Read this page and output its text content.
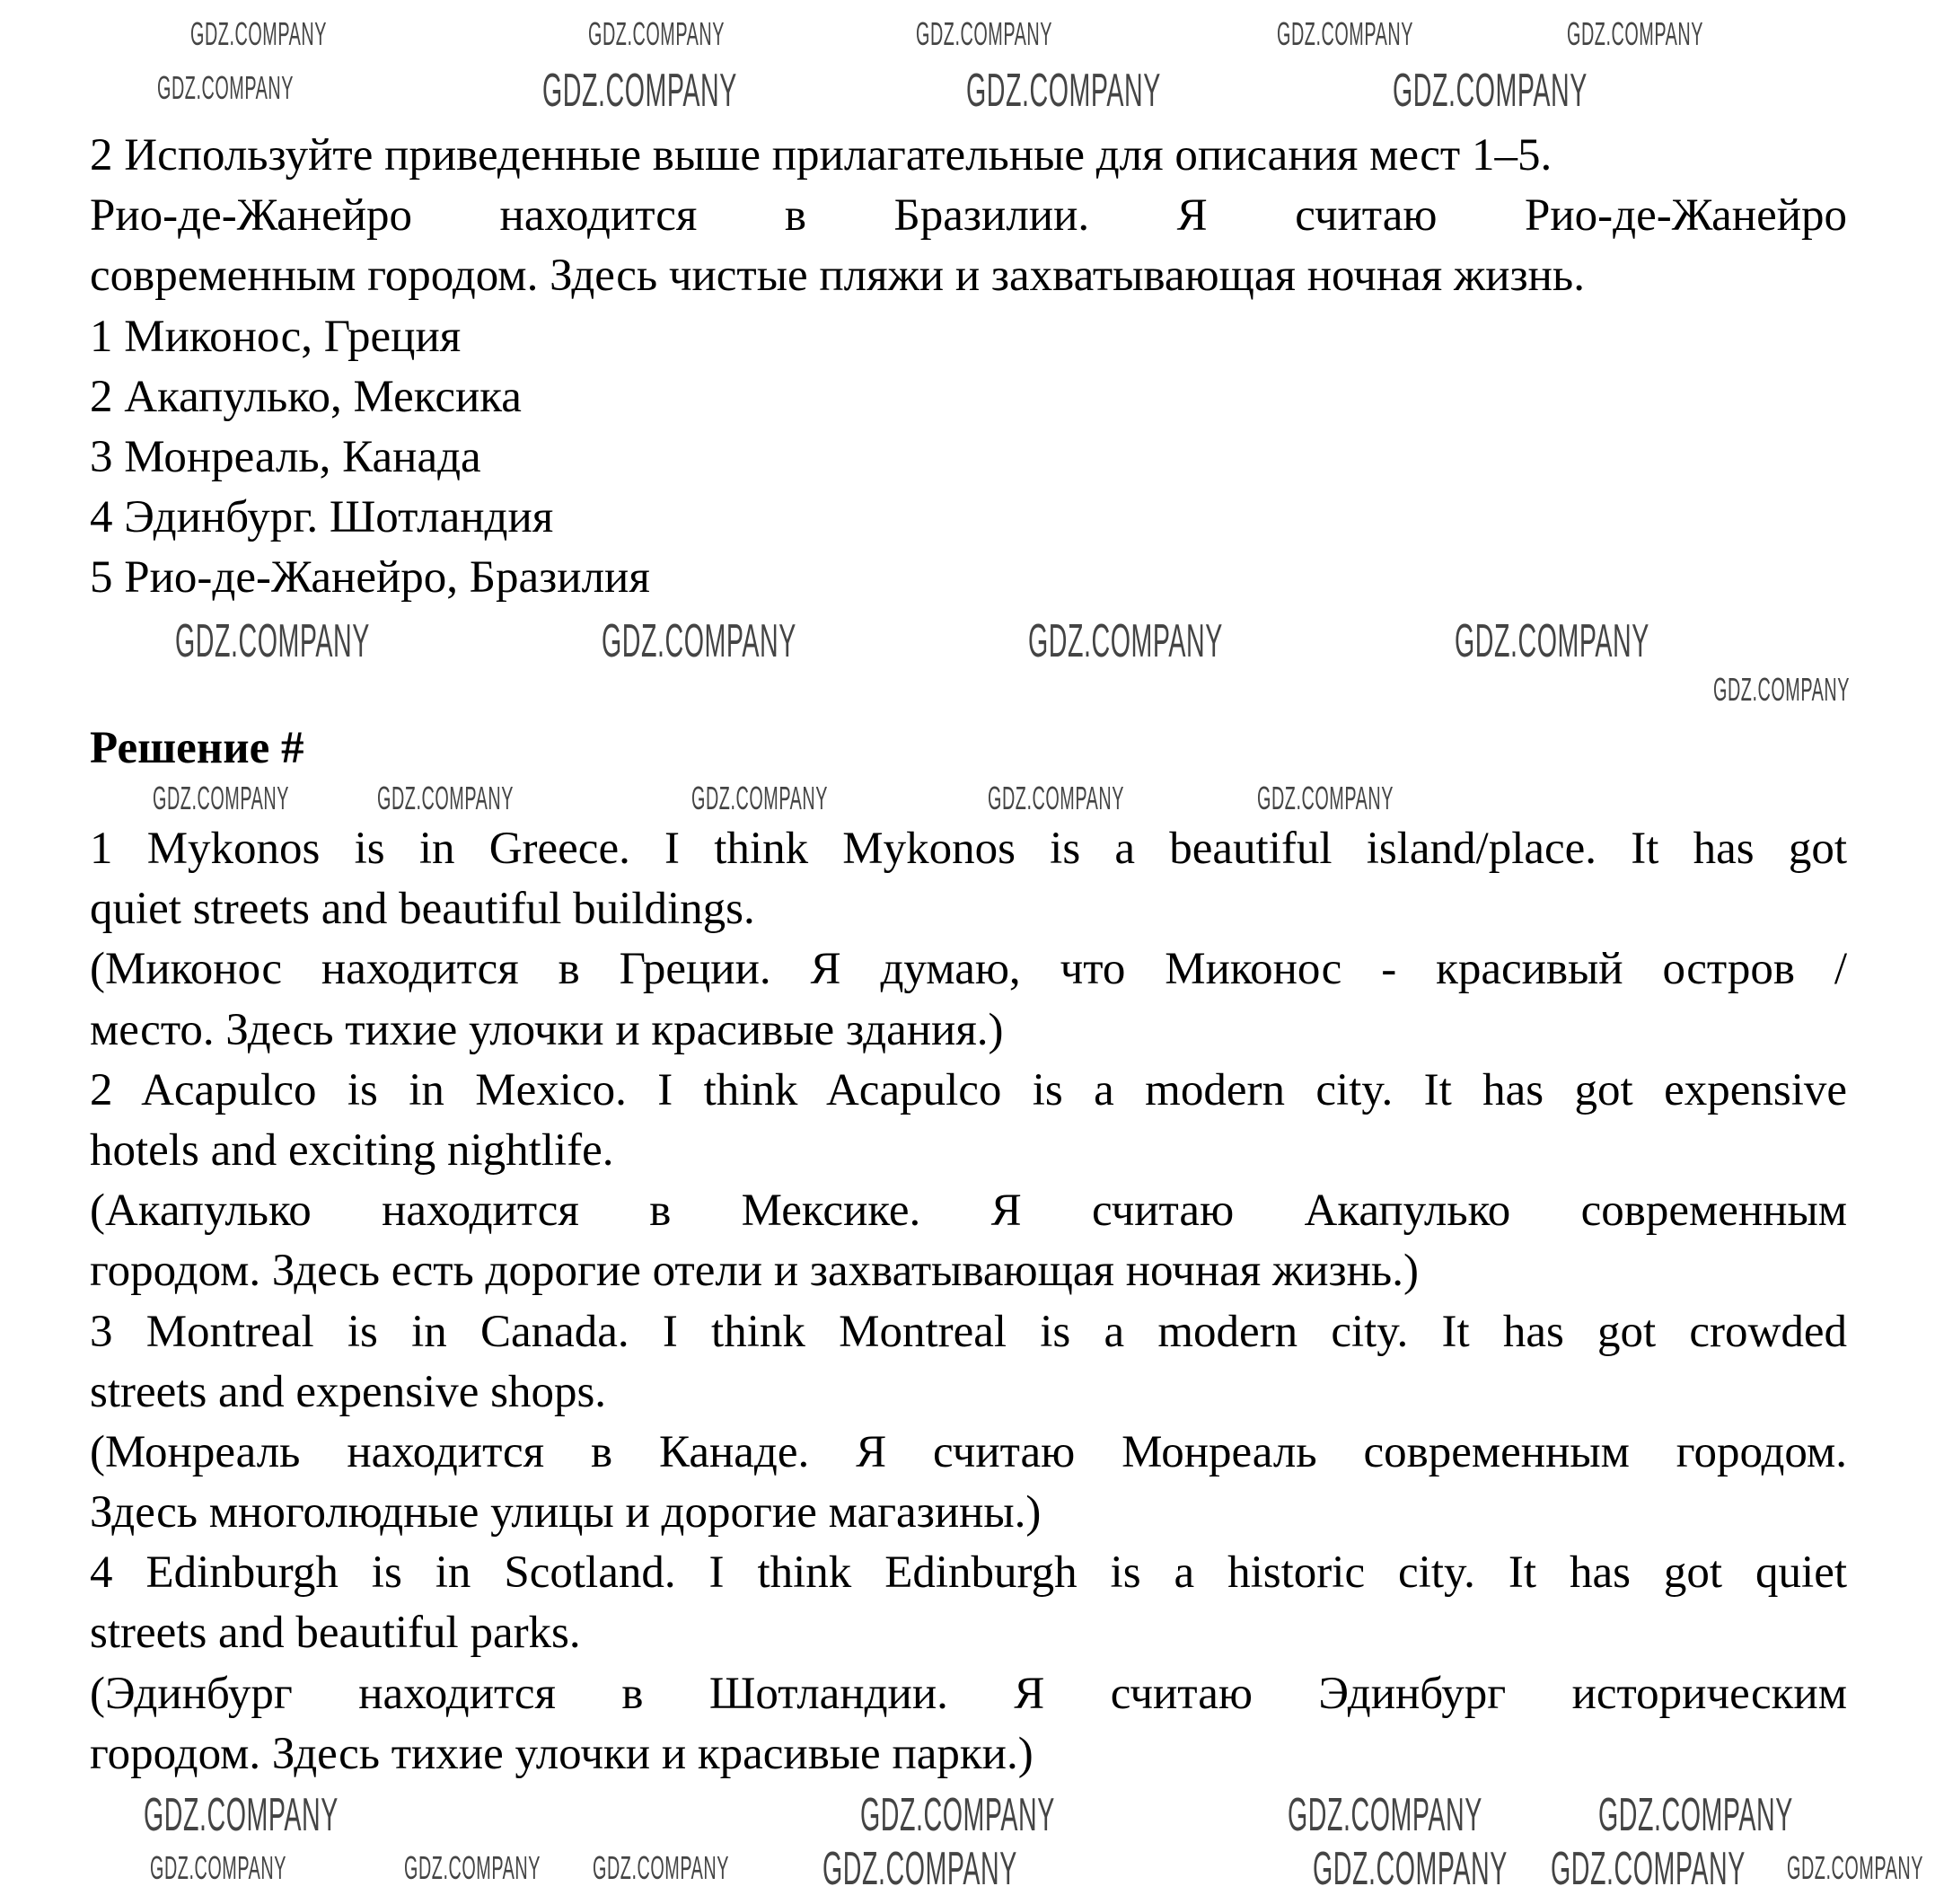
2 Используйте приведенные выше прилагательные для описания мест 1–5.
Рио-де-Жанейро находится в Бразилии. Я считаю Рио-де-Жанейро
современным городом. Здесь чистые пляжи и захватывающая ночная жизнь.
1 Миконос, Греция
2 Акапулько, Мексика
3 Монреаль, Канада
4 Эдинбург. Шотландия
5 Рио-де-Жанейро, Бразилия
Решение #
1 Mykonos is in Greece. I think Mykonos is a beautiful island/place. It has got
quiet streets and beautiful buildings.
(Миконос находится в Греции. Я думаю, что Миконос - красивый остров /
место. Здесь тихие улочки и красивые здания.)
2 Acapulco is in Mexico. I think Acapulco is a modern city. It has got expensive
hotels and exciting nightlife.
(Акапулько находится в Мексике. Я считаю Акапулько современным
городом. Здесь есть дорогие отели и захватывающая ночная жизнь.)
3 Montreal is in Canada. I think Montreal is a modern city. It has got crowded
streets and expensive shops.
(Монреаль находится в Канаде. Я считаю Монреаль современным городом.
Здесь многолюдные улицы и дорогие магазины.)
4 Edinburgh is in Scotland. I think Edinburgh is a historic city. It has got quiet
streets and beautiful parks.
(Эдинбург находится в Шотландии. Я считаю Эдинбург историческим
городом. Здесь тихие улочки и красивые парки.)
GDZ.COMPANY	GDZ.COMPANY	GDZ.COMPANY	GDZ.COMPANY
GDZ.COMPANY
GDZ.COMPANY
GDZ.COMPANY	GDZ.COMPANY
GDZ.COMPANY
GDZ.COMPANY
GDZ.COMPANY	GDZ.COMPANY
GDZ.COMPANY
GDZ.COMPANY
GDZ.COMPANY	GDZ.COMPANY
GDZ.COMPANY	GDZ.COMPANY	GDZ.COMPANY
GDZ.COMPANY	GDZ.COMPANY
GDZ.COMPANY	GDZ.COMPANY
GDZ.COMPANY
GDZ.COMPANY
GDZ.COMPANY	GDZ.COMPANY
GDZ.COMPANY	GDZ.COMPANY GDZ.COMPANY
